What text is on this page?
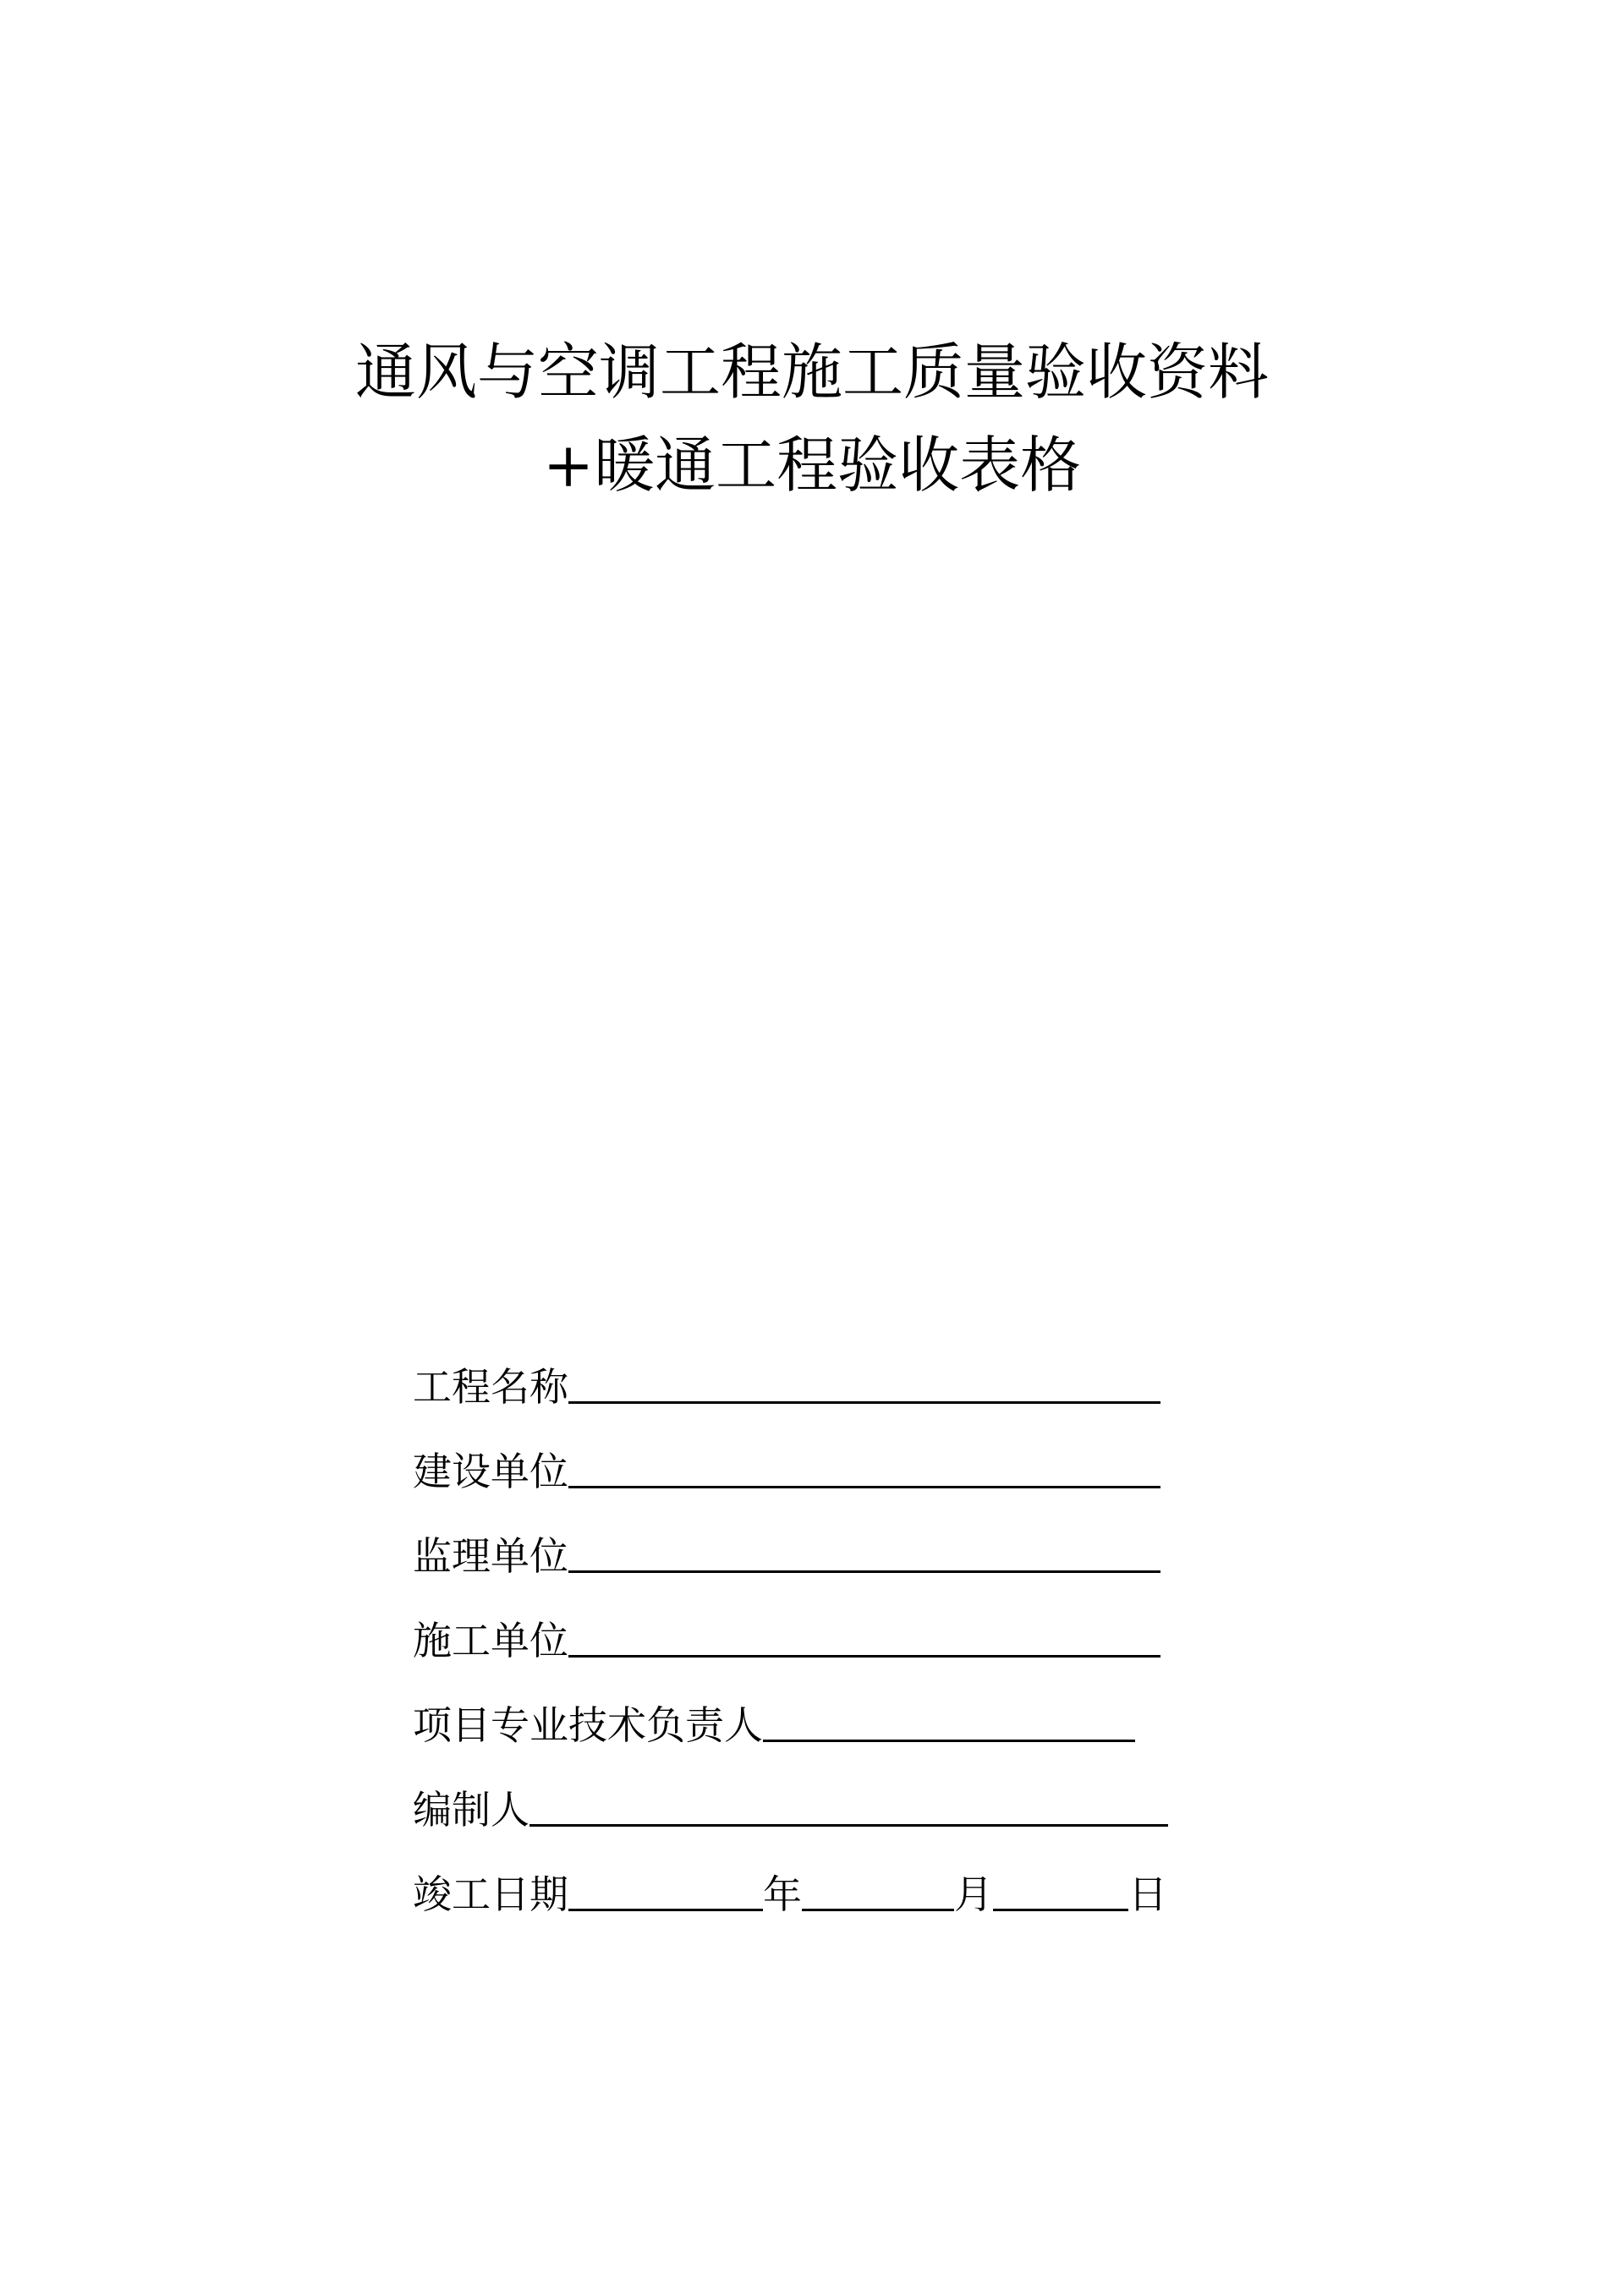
通风与空调工程施工质量验收资料
+暖通工程验收表格
工程名称
建设单位
监理单位
施工单位
项目专业技术负责人
编制人
竣工日期	年	月	日
